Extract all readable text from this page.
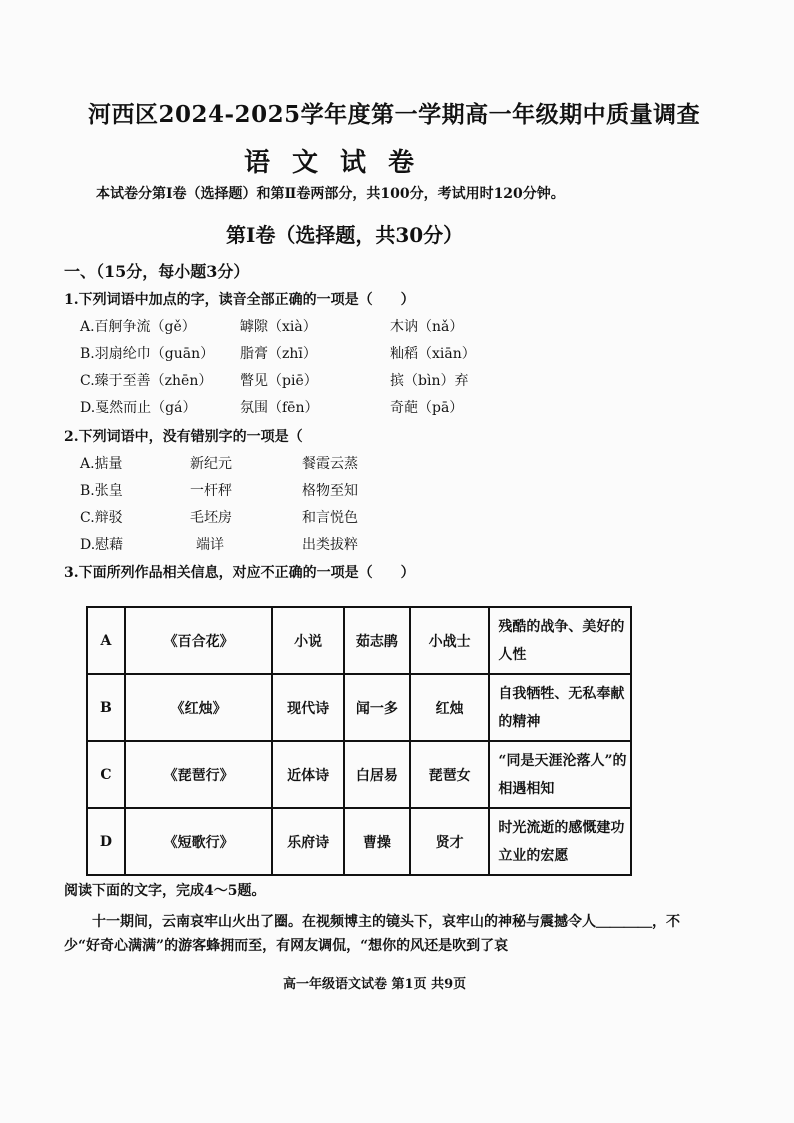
河西区2024-2025学年度第一学期高一年级期中质量调查
语文试卷
本试卷分第Ⅰ卷（选择题）和第Ⅱ卷两部分，共100分，考试用时120分钟。
第Ⅰ卷（选择题，共30分）
一、（15分，每小题3分）
1.下列词语中加点的字，读音全部正确的一项是（　　）
A.百舸争流（gě）	罅隙（xià）	木讷（nǎ）
B.羽扇纶巾（guān） 脂膏（zhī）	籼稻（xiān）
C.臻于至善（zhēn） 瞥见（piē）	摈（bìn）弃
D.戛然而止（gá）	氛围（fēn）	奇葩（pā）
2.下列词语中，没有错别字的一项是（
A.掂量	新纪元	餐霞云蒸
B.张皇	一杆秤	格物至知
C.辩驳	毛坯房	和言悦色
D.慰藉	端详	出类拔粹
3.下面所列作品相关信息，对应不正确的一项是（　　）
A	《百合花》	小说	茹志鹃	小战士	残酷的战争、美好的人性
B	《红烛》	现代诗	闻一多	红烛	自我牺牲、无私奉献的精神
C	《琵琶行》	近体诗	白居易	琵琶女	“同是天涯沦落人”的相遇相知
D	《短歌行》	乐府诗	曹操	贤才	时光流逝的感慨建功立业的宏愿
阅读下面的文字，完成4～5题。
十一期间，云南哀牢山火出了圈。在视频博主的镜头下，哀牢山的神秘与震撼令人＿＿＿＿，不少“好奇心满满”的游客蜂拥而至，有网友调侃，“想你的风还是吹到了哀
高一年级语文试卷 第1页 共9页
